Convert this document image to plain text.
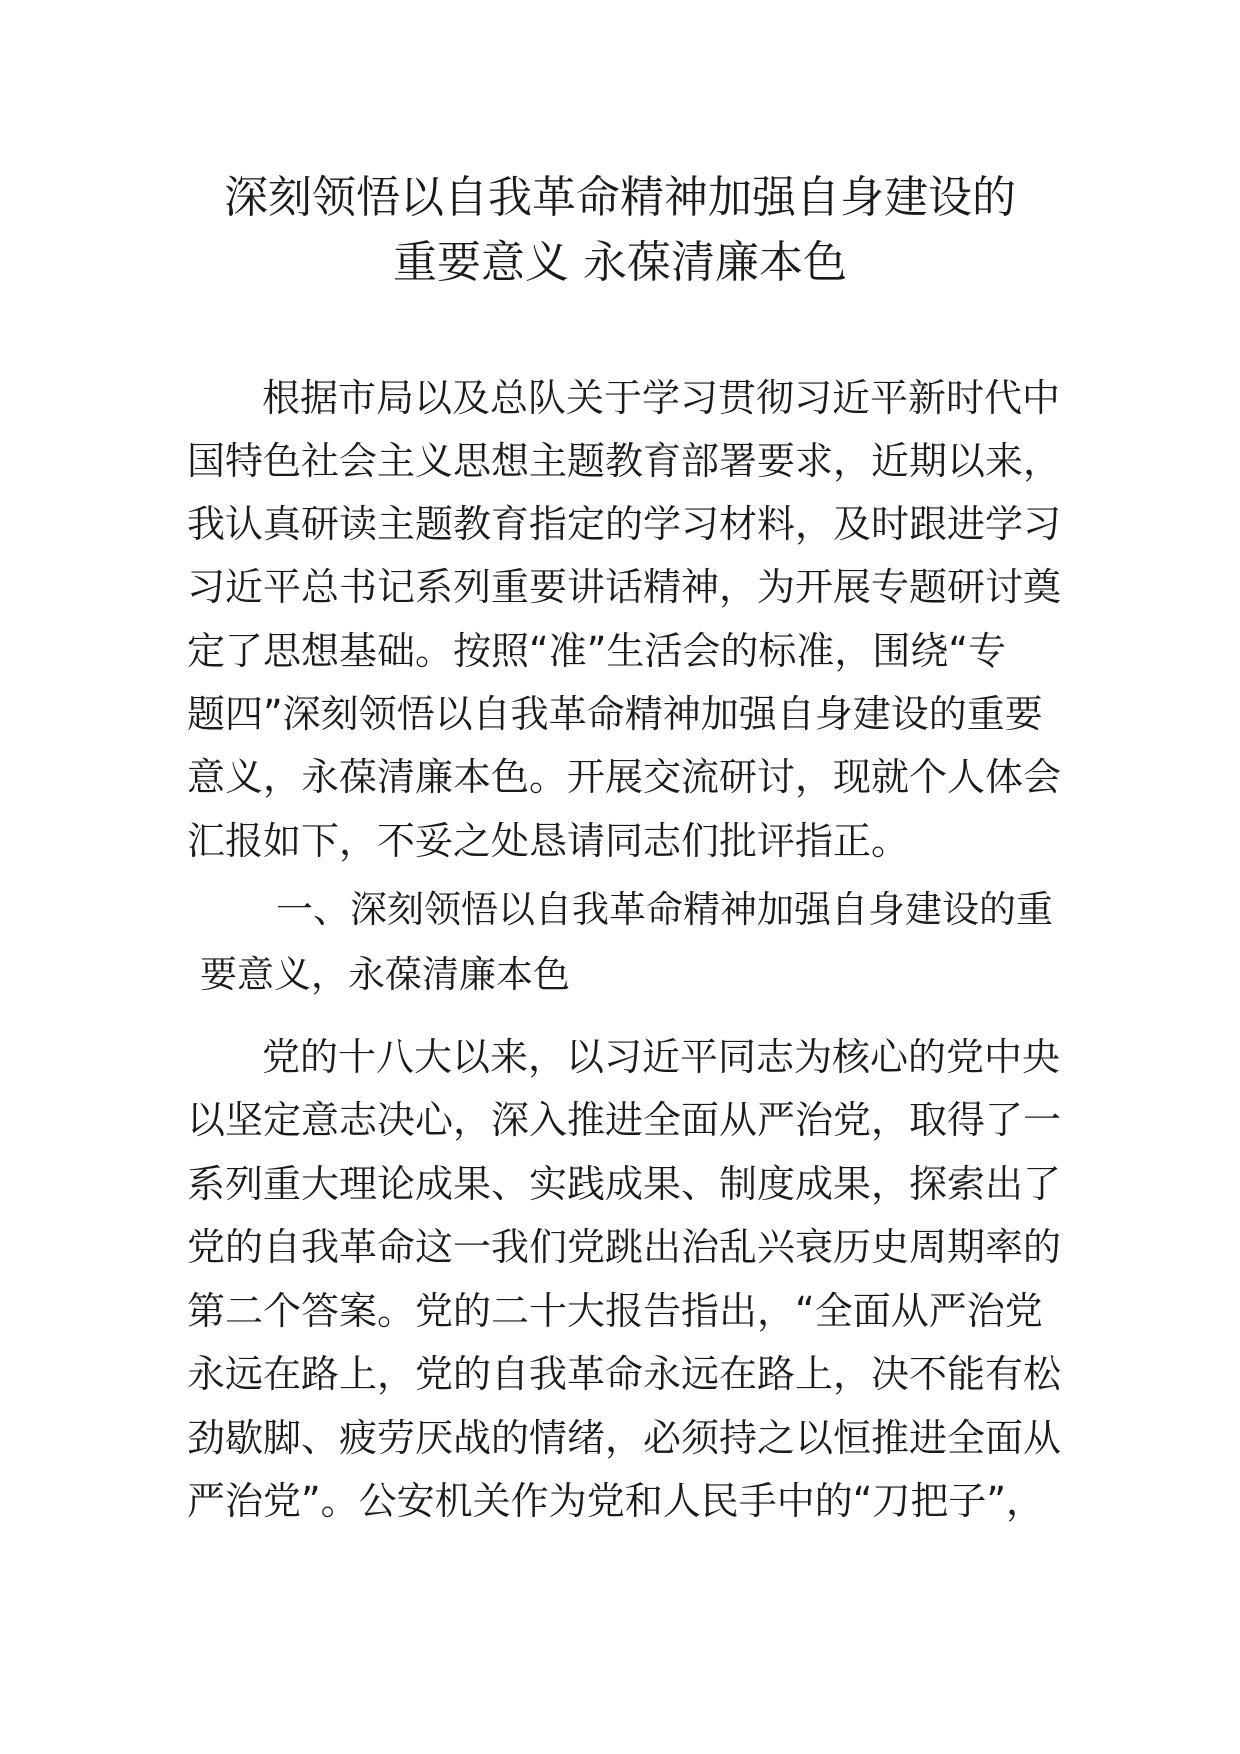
深刻领悟以自我革命精神加强自身建设的
重要意义 永葆清廉本色

根据市局以及总队关于学习贯彻习近平新时代中

国特色社会主义思想主题教育部署要求，近期以来，

我认真研读主题教育指定的学习材料，及时跟进学习

习近平总书记系列重要讲话精神，为开展专题研讨奠

定了思想基础。按照“准”生活会的标准，围绕“专

题四”深刻领悟以自我革命精神加强自身建设的重要

意义，永葆清廉本色。开展交流研讨，现就个人体会

汇报如下，不妥之处恳请同志们批评指正。

一、深刻领悟以自我革命精神加强自身建设的重

要意义，永葆清廉本色

党的十八大以来，以习近平同志为核心的党中央

以坚定意志决心，深入推进全面从严治党，取得了一

系列重大理论成果、实践成果、制度成果，探索出了

党的自我革命这一我们党跳出治乱兴衰历史周期率的

第二个答案。党的二十大报告指出，“全面从严治党

永远在路上，党的自我革命永远在路上，决不能有松

劲歇脚、疲劳厌战的情绪，必须持之以恒推进全面从

严治党”。公安机关作为党和人民手中的“刀把子”，
